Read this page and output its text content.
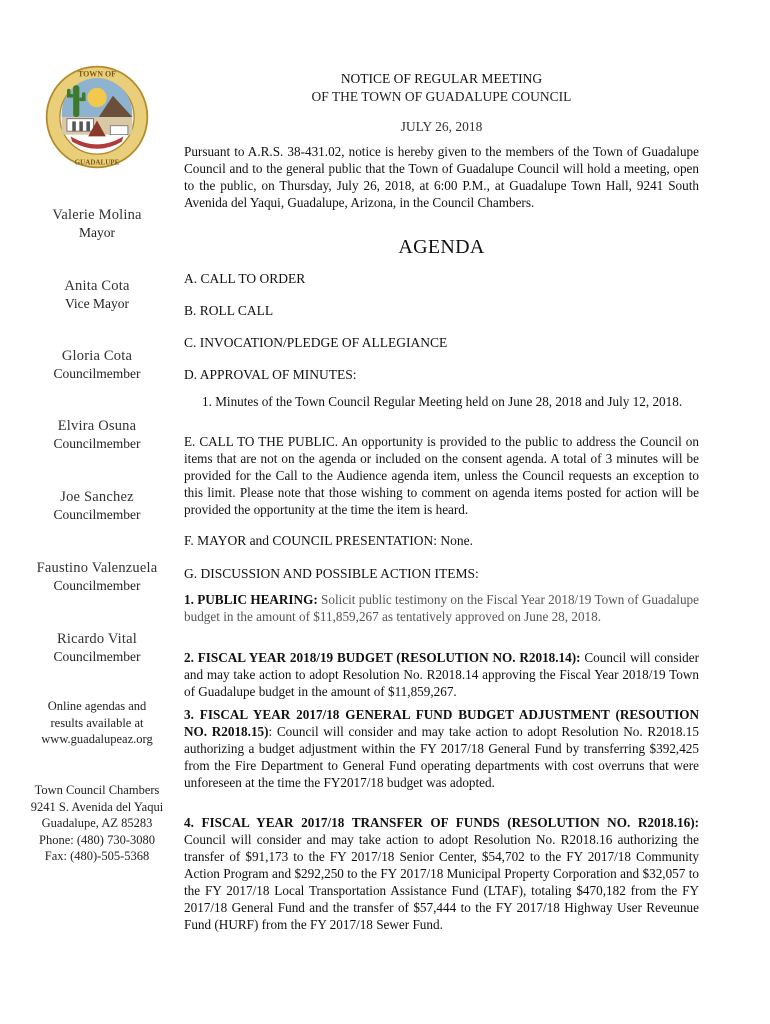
TOWN OF
GUADALUPE
Valerie Molina
Mayor
Anita Cota
Vice Mayor
Gloria Cota
Councilmember
Elvira Osuna
Councilmember
Joe Sanchez
Councilmember
Faustino Valenzuela
Councilmember
Ricardo Vital
Councilmember
Online agendas and
results available at
www.guadalupeaz.org
Town Council Chambers
9241 S. Avenida del Yaqui
Guadalupe, AZ 85283
Phone: (480) 730-3080
Fax: (480)-505-5368
NOTICE OF REGULAR MEETING
OF THE TOWN OF GUADALUPE COUNCIL
JULY 26, 2018

Pursuant to A.R.S. 38-431.02, notice is hereby given to the members of the Town of Guadalupe Council and to the general public that the Town of Guadalupe Council will hold a meeting, open to the public, on Thursday, July 26, 2018, at 6:00 P.M., at Guadalupe Town Hall, 9241 South Avenida del Yaqui, Guadalupe, Arizona, in the Council Chambers.

AGENDA
A. CALL TO ORDER
B. ROLL CALL
C. INVOCATION/PLEDGE OF ALLEGIANCE
D. APPROVAL OF MINUTES:
1. Minutes of the Town Council Regular Meeting held on June 28, 2018 and July 12, 2018.
E. CALL TO THE PUBLIC. An opportunity is provided to the public to address the Council on items that are not on the agenda or included on the consent agenda. A total of 3 minutes will be provided for the Call to the Audience agenda item, unless the Council requests an exception to this limit. Please note that those wishing to comment on agenda items posted for action will be provided the opportunity at the time the item is heard.
F. MAYOR and COUNCIL PRESENTATION: None.
G. DISCUSSION AND POSSIBLE ACTION ITEMS:
1. PUBLIC HEARING: Solicit public testimony on the Fiscal Year 2018/19 Town of Guadalupe budget in the amount of $11,859,267 as tentatively approved on June 28, 2018.
2. FISCAL YEAR 2018/19 BUDGET (RESOLUTION NO. R2018.14): Council will consider and may take action to adopt Resolution No. R2018.14 approving the Fiscal Year 2018/19 Town of Guadalupe budget in the amount of $11,859,267.
3. FISCAL YEAR 2017/18 GENERAL FUND BUDGET ADJUSTMENT (RESOUTION NO. R2018.15): Council will consider and may take action to adopt Resolution No. R2018.15 authorizing a budget adjustment within the FY 2017/18 General Fund by transferring $392,425 from the Fire Department to General Fund operating departments with cost overruns that were unforeseen at the time the FY2017/18 budget was adopted.
4. FISCAL YEAR 2017/18 TRANSFER OF FUNDS (RESOLUTION NO. R2018.16): Council will consider and may take action to adopt Resolution No. R2018.16 authorizing the transfer of $91,173 to the FY 2017/18 Senior Center, $54,702 to the FY 2017/18 Community Action Program and $292,250 to the FY 2017/18 Municipal Property Corporation and $32,057 to the FY 2017/18 Local Transportation Assistance Fund (LTAF), totaling $470,182 from the FY 2017/18 General Fund and the transfer of $57,444 to the FY 2017/18 Highway User Reveunue Fund (HURF) from the FY 2017/18 Sewer Fund.
